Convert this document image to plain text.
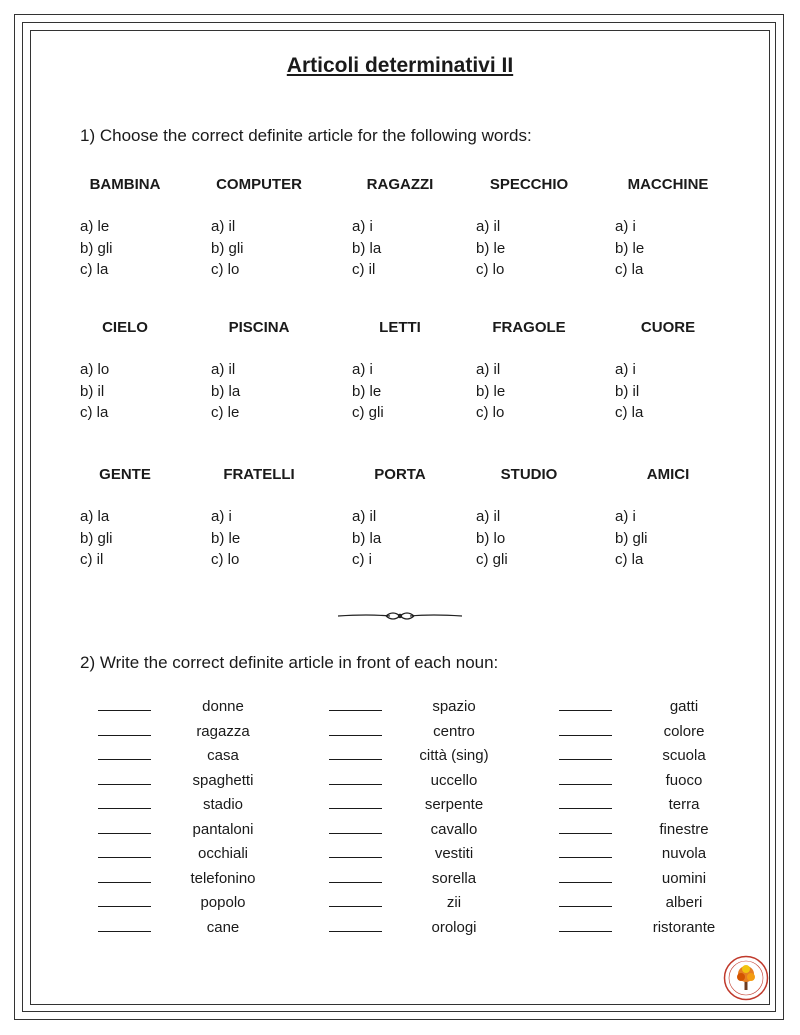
Articoli determinativi II
1) Choose the correct definite article for the following words:
2) Write the correct definite article in front of each noun:
donne
ragazza
casa
spaghetti
stadio
pantaloni
occhiali
telefonino
popolo
cane
spazio
centro
città (sing)
uccello
serpente
cavallo
vestiti
sorella
zii
orologi
gatti
colore
scuola
fuoco
terra
finestre
nuvola
uomini
alberi
ristorante
BAMBINA
a) le
b) gli
c) la
COMPUTER
a) il
b) gli
c) lo
RAGAZZI
a) i
b) la
c) il
SPECCHIO
a) il
b) le
c) lo
MACCHINE
a) i
b) le
c) la
CIELO
a) lo
b) il
c) la
PISCINA
a) il
b) la
c) le
LETTI
a) i
b) le
c) gli
FRAGOLE
a) il
b) le
c) lo
CUORE
a) i
b) il
c) la
GENTE
a) la
b) gli
c) il
FRATELLI
a) i
b) le
c) lo
PORTA
a) il
b) la
c) i
STUDIO
a) il
b) lo
c) gli
AMICI
a) i
b) gli
c) la
